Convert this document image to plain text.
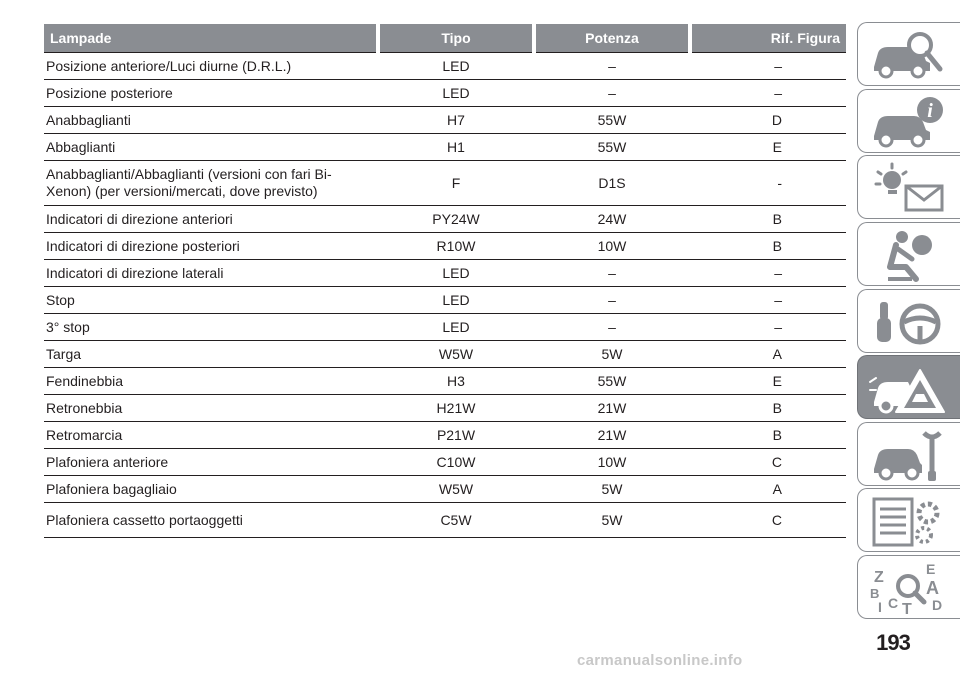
Lampade	Tipo	Potenza	Rif. Figura
Posizione anteriore/Luci diurne (D.R.L.)	LED	–	–
Posizione posteriore	LED	–	–
Anabbaglianti	H7	55W	D
Abbaglianti	H1	55W	E
Anabbaglianti/Abbaglianti (versioni con fari Bi-Xenon) (per versioni/mercati, dove previsto)	F	D1S	-
Indicatori di direzione anteriori	PY24W	24W	B
Indicatori di direzione posteriori	R10W	10W	B
Indicatori di direzione laterali	LED	–	–
Stop	LED	–	–
3° stop	LED	–	–
Targa	W5W	5W	A
Fendinebbia	H3	55W	E
Retronebbia	H21W	21W	B
Retromarcia	P21W	21W	B
Plafoniera anteriore	C10W	10W	C
Plafoniera bagagliaio	W5W	5W	A
Plafoniera cassetto portaoggetti	C5W	5W	C
i
Z	E
B	A
C T
I	D
193
carmanualsonline.info
